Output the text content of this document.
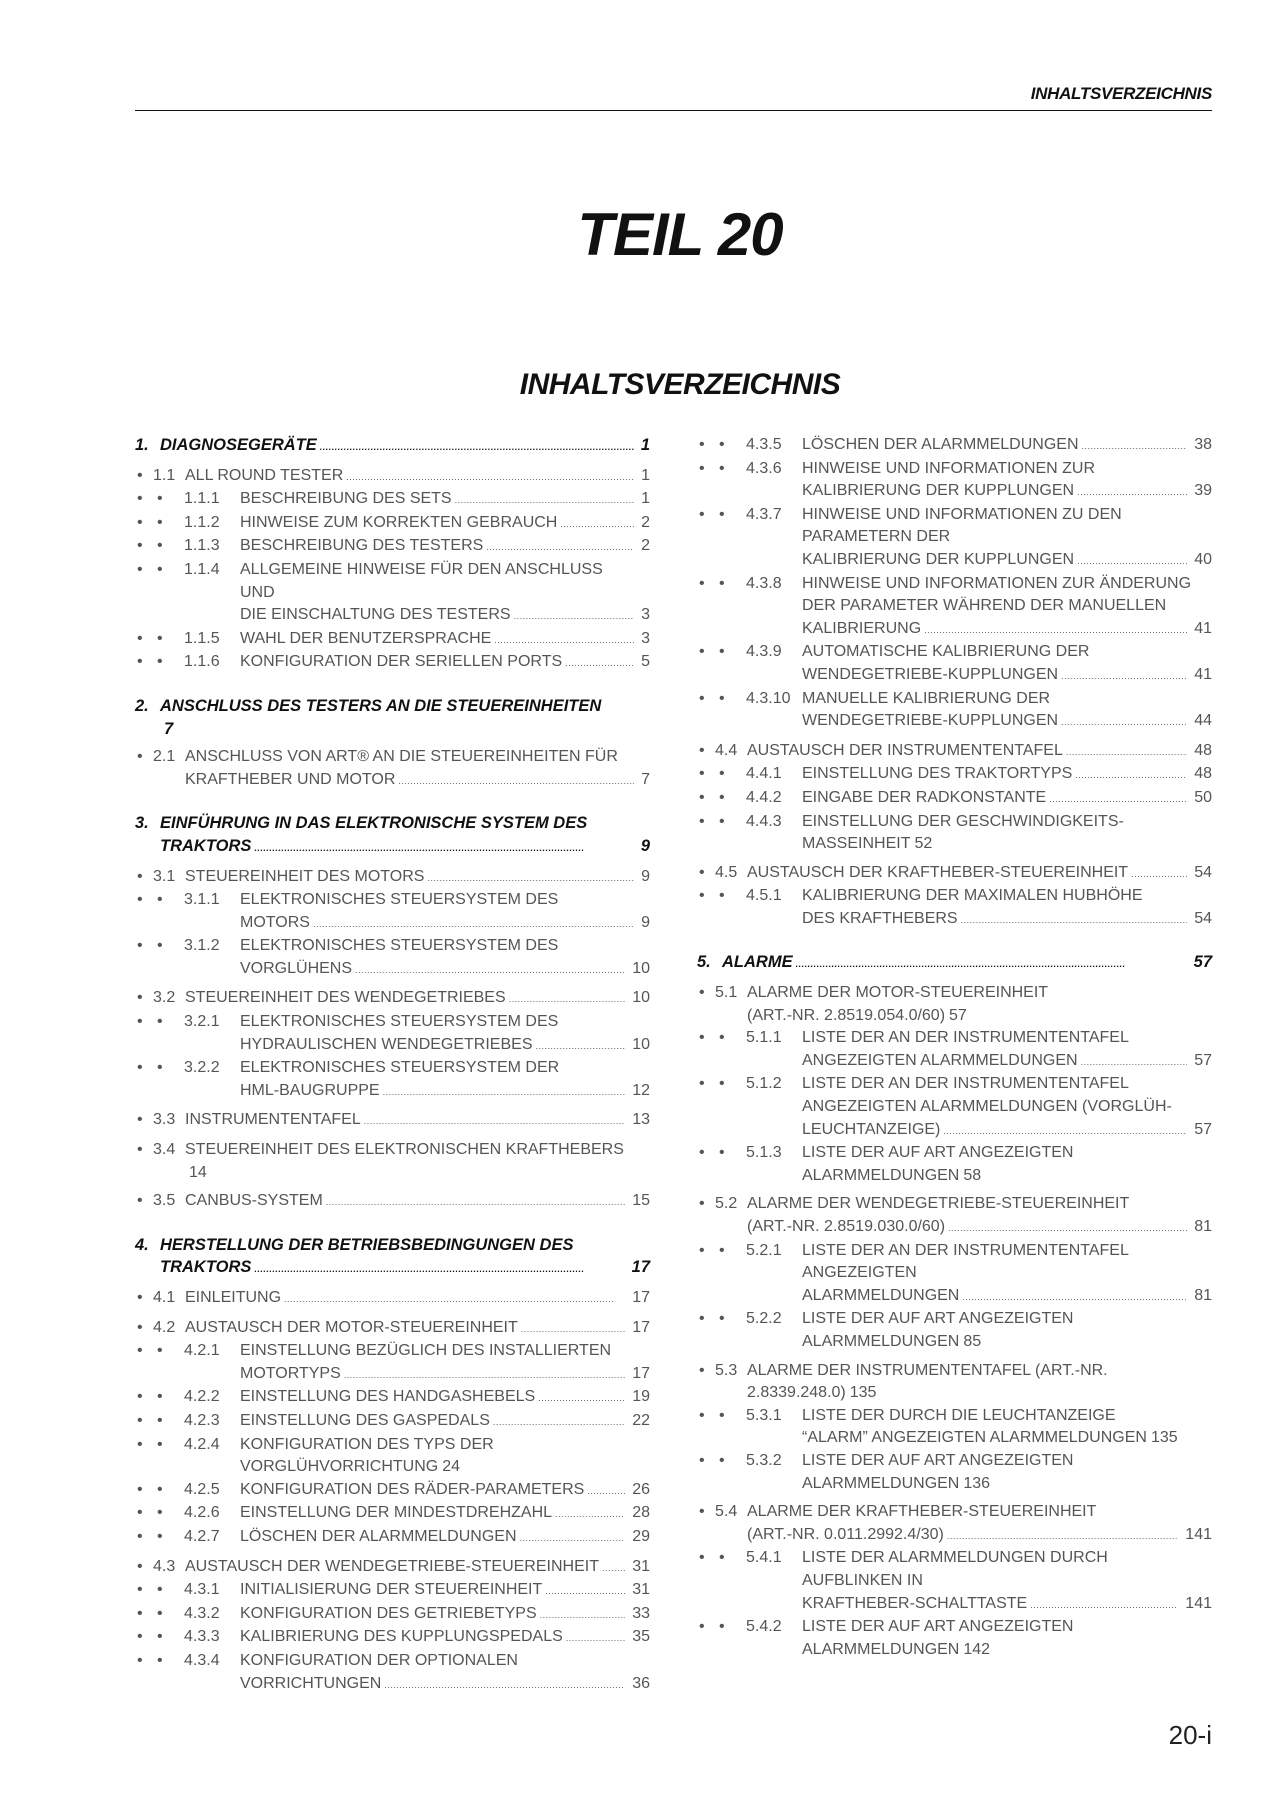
INHALTSVERZEICHNIS
TEIL 20
INHALTSVERZEICHNIS
1. DIAGNOSEGERÄTE . . .	1
• 1.1 ALL ROUND TESTER . . .	1
• • 1.1.1 BESCHREIBUNG DES SETS . . .	1
• • 1.1.2 HINWEISE ZUM KORREKTEN GEBRAUCH . . .	2
• • 1.1.3 BESCHREIBUNG DES TESTERS . . .	2
• • 1.1.4 ALLGEMEINE HINWEISE FÜR DEN ANSCHLUSS
UND
DIE EINSCHALTUNG DES TESTERS . . .	3
• • 1.1.5 WAHL DER BENUTZERSPRACHE . . .	3
• • 1.1.6 KONFIGURATION DER SERIELLEN PORTS . . .	5
2. ANSCHLUSS DES TESTERS AN DIE STEUEREINHEITEN
7
• 2.1 ANSCHLUSS VON ART® AN DIE STEUEREINHEITEN FÜR
KRAFTHEBER UND MOTOR . . .	7
3. EINFÜHRUNG IN DAS ELEKTRONISCHE SYSTEM DES
TRAKTORS . . .	9
• 3.1 STEUEREINHEIT DES MOTORS . . .	9
• • 3.1.1 ELEKTRONISCHES STEUERSYSTEM DES
MOTORS . . .	9
• • 3.1.2 ELEKTRONISCHES STEUERSYSTEM DES
VORGLÜHENS . . .	10
• 3.2 STEUEREINHEIT DES WENDEGETRIEBES . . .	10
• • 3.2.1 ELEKTRONISCHES STEUERSYSTEM DES
HYDRAULISCHEN WENDEGETRIEBES . . .	10
• • 3.2.2 ELEKTRONISCHES STEUERSYSTEM DER
HML-BAUGRUPPE . . .	12
• 3.3 INSTRUMENTENTAFEL . . .	13
• 3.4 STEUEREINHEIT DES ELEKTRONISCHEN KRAFTHEBERS
14
• 3.5 CANBUS-SYSTEM . . .	15
4. HERSTELLUNG DER BETRIEBSBEDINGUNGEN DES
TRAKTORS . . .	17
• 4.1 EINLEITUNG . . .	17
• 4.2 AUSTAUSCH DER MOTOR-STEUEREINHEIT . . .	17
• • 4.2.1 EINSTELLUNG BEZÜGLICH DES INSTALLIERTEN
MOTORTYPS . . .	17
• • 4.2.2 EINSTELLUNG DES HANDGASHEBELS . . .	19
• • 4.2.3 EINSTELLUNG DES GASPEDALS . . .	22
• • 4.2.4 KONFIGURATION DES TYPS DER
VORGLÜHVORRICHTUNG 24
• • 4.2.5 KONFIGURATION DES RÄDER-PARAMETERS . . .	26
• • 4.2.6 EINSTELLUNG DER MINDESTDREHZAHL . . .	28
• • 4.2.7 LÖSCHEN DER ALARMMELDUNGEN . . .	29
• 4.3 AUSTAUSCH DER WENDEGETRIEBE-STEUEREINHEIT . . . 31
• • 4.3.1 INITIALISIERUNG DER STEUEREINHEIT . . .	31
• • 4.3.2 KONFIGURATION DES GETRIEBETYPS . . .	33
• • 4.3.3 KALIBRIERUNG DES KUPPLUNGSPEDALS . . .	35
• • 4.3.4 KONFIGURATION DER OPTIONALEN
VORRICHTUNGEN . . .	36
• • 4.3.5 LÖSCHEN DER ALARMMELDUNGEN . . .	38
• • 4.3.6 HINWEISE UND INFORMATIONEN ZUR
KALIBRIERUNG DER KUPPLUNGEN . . .	39
• • 4.3.7 HINWEISE UND INFORMATIONEN ZU DEN
PARAMETERN DER
KALIBRIERUNG DER KUPPLUNGEN . . .	40
• • 4.3.8 HINWEISE UND INFORMATIONEN ZUR ÄNDERUNG
DER PARAMETER WÄHREND DER MANUELLEN
KALIBRIERUNG . . .	41
• • 4.3.9 AUTOMATISCHE KALIBRIERUNG DER
WENDEGETRIEBE-KUPPLUNGEN . . .	41
• • 4.3.10 MANUELLE KALIBRIERUNG DER
WENDEGETRIEBE-KUPPLUNGEN . . .	44
• 4.4 AUSTAUSCH DER INSTRUMENTENTAFEL . . .	48
• • 4.4.1 EINSTELLUNG DES TRAKTORTYPS . . .	48
• • 4.4.2 EINGABE DER RADKONSTANTE . . .	50
• • 4.4.3 EINSTELLUNG DER GESCHWINDIGKEITS-
MASSEINHEIT 52
• 4.5 AUSTAUSCH DER KRAFTHEBER-STEUEREINHEIT . . .	54
• • 4.5.1 KALIBRIERUNG DER MAXIMALEN HUBHÖHE
DES KRAFTHEBERS . . .	54
5. ALARME . . .	57
• 5.1 ALARME DER MOTOR-STEUEREINHEIT
(ART.-NR. 2.8519.054.0/60) 57
• • 5.1.1 LISTE DER AN DER INSTRUMENTENTAFEL
ANGEZEIGTEN ALARMMELDUNGEN . . .	57
• • 5.1.2 LISTE DER AN DER INSTRUMENTENTAFEL
ANGEZEIGTEN ALARMMELDUNGEN (VORGLÜH-
LEUCHTANZEIGE) . . .	57
• • 5.1.3 LISTE DER AUF ART ANGEZEIGTEN
ALARMMELDUNGEN 58
• 5.2 ALARME DER WENDEGETRIEBE-STEUEREINHEIT
(ART.-NR. 2.8519.030.0/60) . . .	81
• • 5.2.1 LISTE DER AN DER INSTRUMENTENTAFEL
ANGEZEIGTEN
ALARMMELDUNGEN . . .	81
• • 5.2.2 LISTE DER AUF ART ANGEZEIGTEN
ALARMMELDUNGEN 85
• 5.3 ALARME DER INSTRUMENTENTAFEL (ART.-NR.
2.8339.248.0) 135
• • 5.3.1 LISTE DER DURCH DIE LEUCHTANZEIGE
“ALARM” ANGEZEIGTEN ALARMMELDUNGEN 135
• • 5.3.2 LISTE DER AUF ART ANGEZEIGTEN
ALARMMELDUNGEN 136
• 5.4 ALARME DER KRAFTHEBER-STEUEREINHEIT
(ART.-NR. 0.011.2992.4/30) . . .	141
• • 5.4.1 LISTE DER ALARMMELDUNGEN DURCH
AUFBLINKEN IN
KRAFTHEBER-SCHALTTASTE . . .	141
• • 5.4.2 LISTE DER AUF ART ANGEZEIGTEN
ALARMMELDUNGEN 142
20-i
